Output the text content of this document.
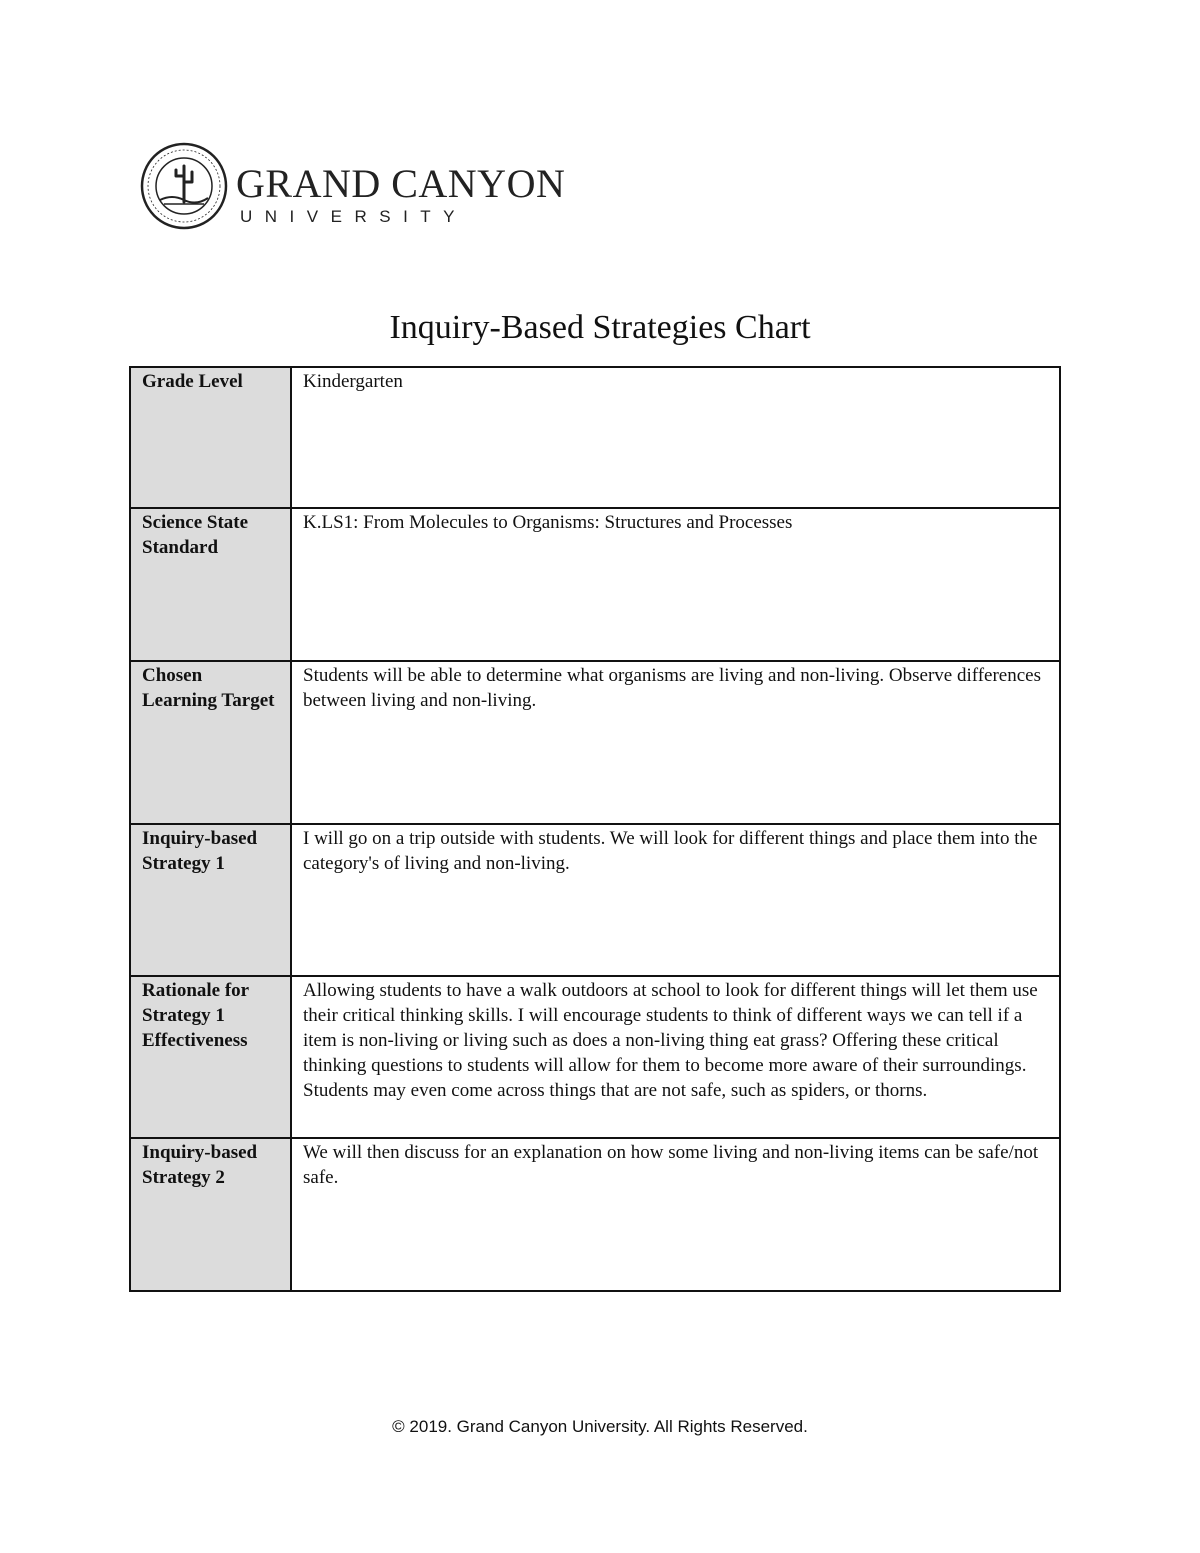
GRAND CANYON
UNIVERSITY
Inquiry-Based Strategies Chart
Grade Level	Kindergarten
Science State Standard	K.LS1: From Molecules to Organisms: Structures and Processes
Chosen Learning Target	Students will be able to determine what organisms are living and non-living. Observe differences between living and non-living.
Inquiry-based Strategy 1	I will go on a trip outside with students. We will look for different things and place them into the category's of living and non-living.
Rationale for Strategy 1 Effectiveness	Allowing students to have a walk outdoors at school to look for different things will let them use their critical thinking skills. I will encourage students to think of different ways we can tell if a item is non-living or living such as does a non-living thing eat grass? Offering these critical thinking questions to students will allow for them to become more aware of their surroundings. Students may even come across things that are not safe, such as spiders, or thorns.
Inquiry-based Strategy 2	We will then discuss for an explanation on how some living and non-living items can be safe/not safe.
© 2019. Grand Canyon University. All Rights Reserved.
